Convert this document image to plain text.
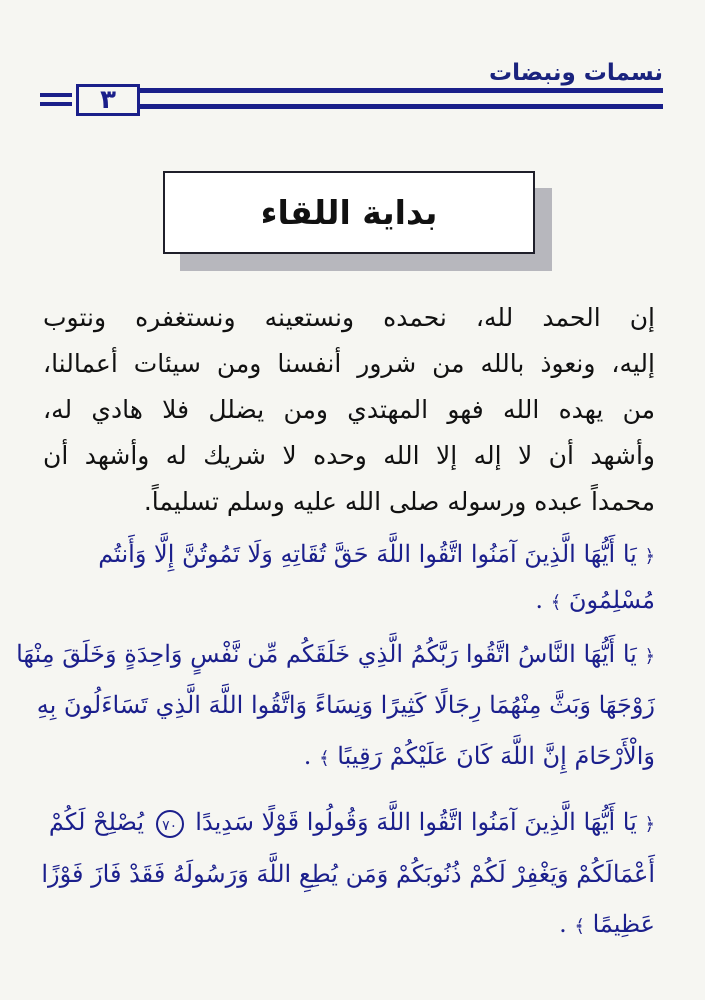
نسمات ونبضات
٣
بداية اللقاء
إن الحمد لله، نحمده ونستعينه ونستغفره ونتوب
إليه، ونعوذ بالله من شرور أنفسنا ومن سيئات أعمالنا،
من يهده الله فهو المهتدي ومن يضلل فلا هادي له،
وأشهد أن لا إله إلا الله وحده لا شريك له وأشهد أن
محمداً عبده ورسوله صلى الله عليه وسلم تسليماً.
﴿ يَا أَيُّهَا الَّذِينَ آمَنُوا اتَّقُوا اللَّهَ حَقَّ تُقَاتِهِ وَلَا تَمُوتُنَّ إِلَّا وَأَنتُم
مُسْلِمُونَ ﴾ .
﴿ يَا أَيُّهَا النَّاسُ اتَّقُوا رَبَّكُمُ الَّذِي خَلَقَكُم مِّن نَّفْسٍ وَاحِدَةٍ وَخَلَقَ مِنْهَا
زَوْجَهَا وَبَثَّ مِنْهُمَا رِجَالًا كَثِيرًا وَنِسَاءً وَاتَّقُوا اللَّهَ الَّذِي تَسَاءَلُونَ بِهِ
وَالْأَرْحَامَ إِنَّ اللَّهَ كَانَ عَلَيْكُمْ رَقِيبًا ﴾ .
﴿ يَا أَيُّهَا الَّذِينَ آمَنُوا اتَّقُوا اللَّهَ وَقُولُوا قَوْلًا سَدِيدًا ٧٠ يُصْلِحْ لَكُمْ
أَعْمَالَكُمْ وَيَغْفِرْ لَكُمْ ذُنُوبَكُمْ وَمَن يُطِعِ اللَّهَ وَرَسُولَهُ فَقَدْ فَازَ فَوْزًا
عَظِيمًا ﴾ .
